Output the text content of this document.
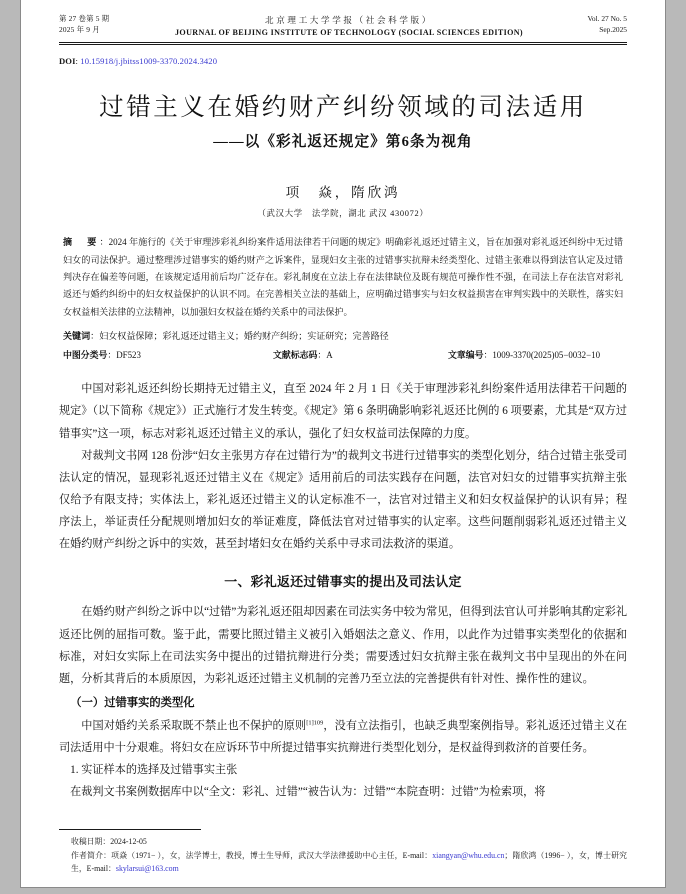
第 27 卷第 5 期
2025 年 9 月
北京理工大学学报（社会科学版）
JOURNAL OF BEIJING INSTITUTE OF TECHNOLOGY (SOCIAL SCIENCES EDITION)
Vol. 27 No. 5
Sep.2025
DOI: 10.15918/j.jbitss1009-3370.2024.3420
过错主义在婚约财产纠纷领域的司法适用
——以《彩礼返还规定》第6条为视角
项　焱，隋欣鸿
（武汉大学　法学院，湖北 武汉 430072）
摘　要：2024 年施行的《关于审理涉彩礼纠纷案件适用法律若干问题的规定》明确彩礼返还过错主义，旨在加强对彩礼返还纠纷中无过错妇女的司法保护。通过整理涉过错事实的婚约财产之诉案件，显现妇女主张的过错事实抗辩未经类型化、过错主张难以得到法官认定及过错判决存在偏差等问题，在该规定适用前后均广泛存在。彩礼制度在立法上存在法律缺位及既有规范可操作性不强，在司法上存在法官对彩礼返还与婚约纠纷中的妇女权益保护的认识不同。在完善相关立法的基础上，应明确过错事实与妇女权益损害在审判实践中的关联性，落实妇女权益相关法律的立法精神，以加强妇女权益在婚约关系中的司法保护。
关键词：妇女权益保障；彩礼返还过错主义；婚约财产纠纷；实证研究；完善路径
中图分类号：DF523	文献标志码：A	文章编号：1009-3370(2025)05−0032−10

中国对彩礼返还纠纷长期持无过错主义，直至 2024 年 2 月 1 日《关于审理涉彩礼纠纷案件适用法律若干问题的规定》（以下简称《规定》）正式施行才发生转变。《规定》第 6 条明确影响彩礼返还比例的 6 项要素，尤其是“双方过错事实”这一项，标志对彩礼返还过错主义的承认，强化了妇女权益司法保障的力度。

对裁判文书网 128 份涉“妇女主张男方存在过错行为”的裁判文书进行过错事实的类型化划分，结合过错主张受司法认定的情况，显现彩礼返还过错主义在《规定》适用前后的司法实践存在问题，法官对妇女的过错事实抗辩主张仅给予有限支持；实体法上，彩礼返还过错主义的认定标准不一，法官对过错主义和妇女权益保护的认识有异；程序法上，举证责任分配规则增加妇女的举证难度，降低法官对过错事实的认定率。这些问题削弱彩礼返还过错主义在婚约财产纠纷之诉中的实效，甚至封堵妇女在婚约关系中寻求司法救济的渠道。

一、彩礼返还过错事实的提出及司法认定

在婚约财产纠纷之诉中以“过错”为彩礼返还阻却因素在司法实务中较为常见，但得到法官认可并影响其酌定彩礼返还比例的屈指可数。鉴于此，需要比照过错主义被引入婚姻法之意义、作用，以此作为过错事实类型化的依据和标准，对妇女实际上在司法实务中提出的过错抗辩进行分类；需要透过妇女抗辩主张在裁判文书中呈现出的外在问题，分析其背后的本质原因，为彩礼返还过错主义机制的完善乃至立法的完善提供有针对性、操作性的建议。

（一）过错事实的类型化

中国对婚约关系采取既不禁止也不保护的原则$^{[1]109}$，没有立法指引，也缺乏典型案例指导。彩礼返还过错主义在司法适用中十分艰难。将妇女在应诉环节中所提过错事实抗辩进行类型化划分，是权益得到救济的首要任务。

1. 实证样本的选择及过错事实主张
在裁判文书案例数据库中以“全文：彩礼、过错”“被告认为：过错”“本院查明：过错”为检索项，将
收稿日期：2024-12-05
作者简介：项焱（1971− ），女，法学博士，教授，博士生导师，武汉大学法律援助中心主任，E-mail：xiangyan@whu.edu.cn；隋欣鸿（1996− ），女，博士研究生，E-mail：skylarsui@163.com
